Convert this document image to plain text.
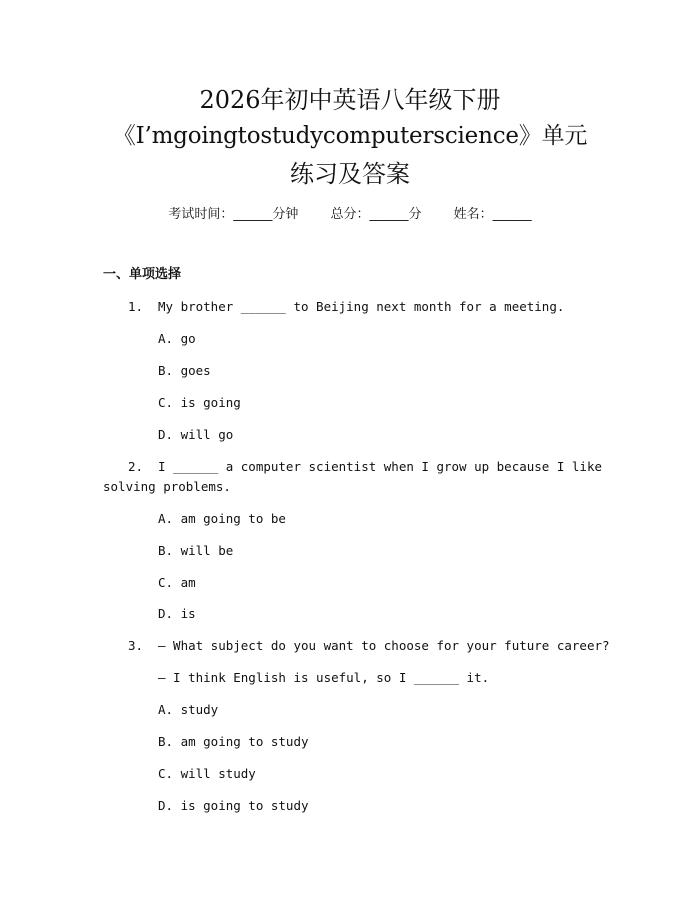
2026年初中英语八年级下册
《I’mgoingtostudycomputerscience》单元
练习及答案
考试时间：______分钟 总分：______分 姓名：______
一、单项选择
1. My brother ______ to Beijing next month for a meeting.
A. go
B. goes
C. is going
D. will go
2. I ______ a computer scientist when I grow up because I like
solving problems.
A. am going to be
B. will be
C. am
D. is
3. — What subject do you want to choose for your future career?
— I think English is useful, so I ______ it.
A. study
B. am going to study
C. will study
D. is going to study
